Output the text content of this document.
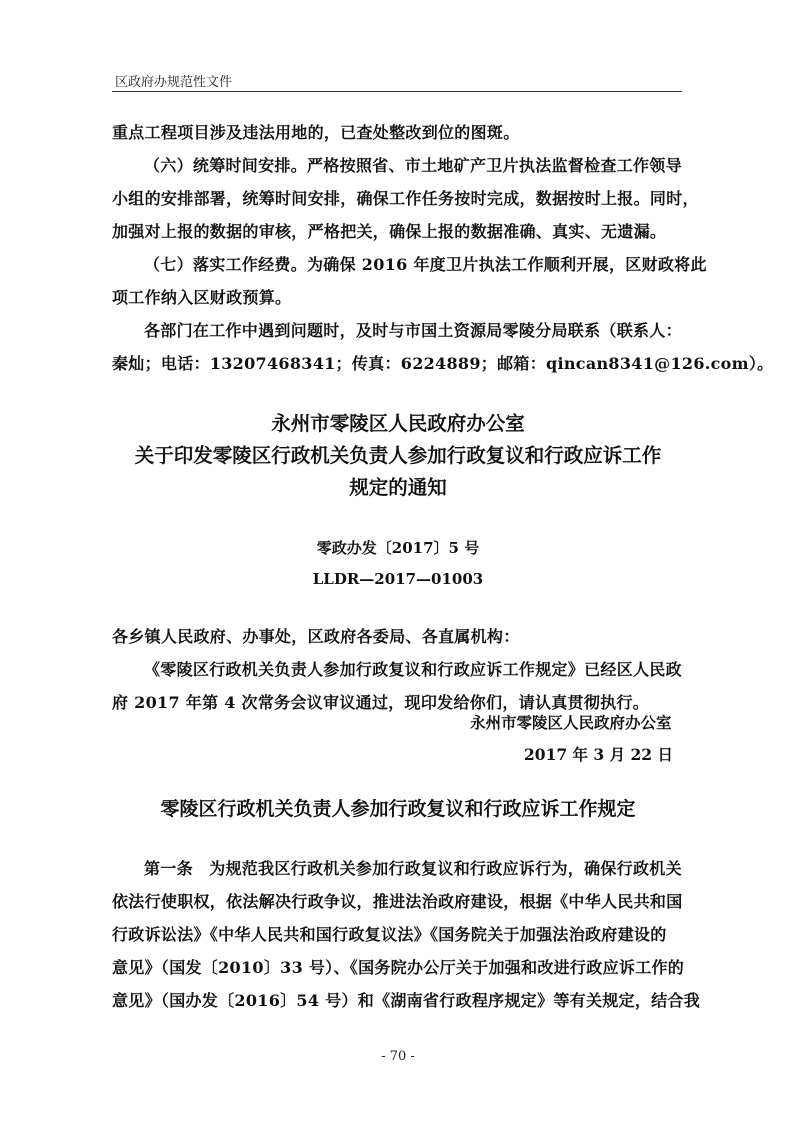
区政府办规范性文件
重点工程项目涉及违法用地的，已查处整改到位的图斑。
（六）统筹时间安排。严格按照省、市土地矿产卫片执法监督检查工作领导
小组的安排部署，统筹时间安排，确保工作任务按时完成，数据按时上报。同时，
加强对上报的数据的审核，严格把关，确保上报的数据准确、真实、无遗漏。
（七）落实工作经费。为确保 2016 年度卫片执法工作顺利开展，区财政将此
项工作纳入区财政预算。
各部门在工作中遇到问题时，及时与市国土资源局零陵分局联系（联系人：
秦灿；电话：13207468341；传真：6224889；邮箱：qincan8341@126.com）。
永州市零陵区人民政府办公室
关于印发零陵区行政机关负责人参加行政复议和行政应诉工作
规定的通知
零政办发〔2017〕5 号
LLDR—2017—01003
各乡镇人民政府、办事处，区政府各委局、各直属机构：
《零陵区行政机关负责人参加行政复议和行政应诉工作规定》已经区人民政
府 2017 年第 4 次常务会议审议通过，现印发给你们，请认真贯彻执行。
永州市零陵区人民政府办公室
2017 年 3 月 22 日
零陵区行政机关负责人参加行政复议和行政应诉工作规定
第一条　为规范我区行政机关参加行政复议和行政应诉行为，确保行政机关
依法行使职权，依法解决行政争议，推进法治政府建设，根据《中华人民共和国
行政诉讼法》《中华人民共和国行政复议法》《国务院关于加强法治政府建设的
意见》（国发〔2010〕33 号）、《国务院办公厅关于加强和改进行政应诉工作的
意见》（国办发〔2016〕54 号）和《湖南省行政程序规定》等有关规定，结合我
- 70 -
